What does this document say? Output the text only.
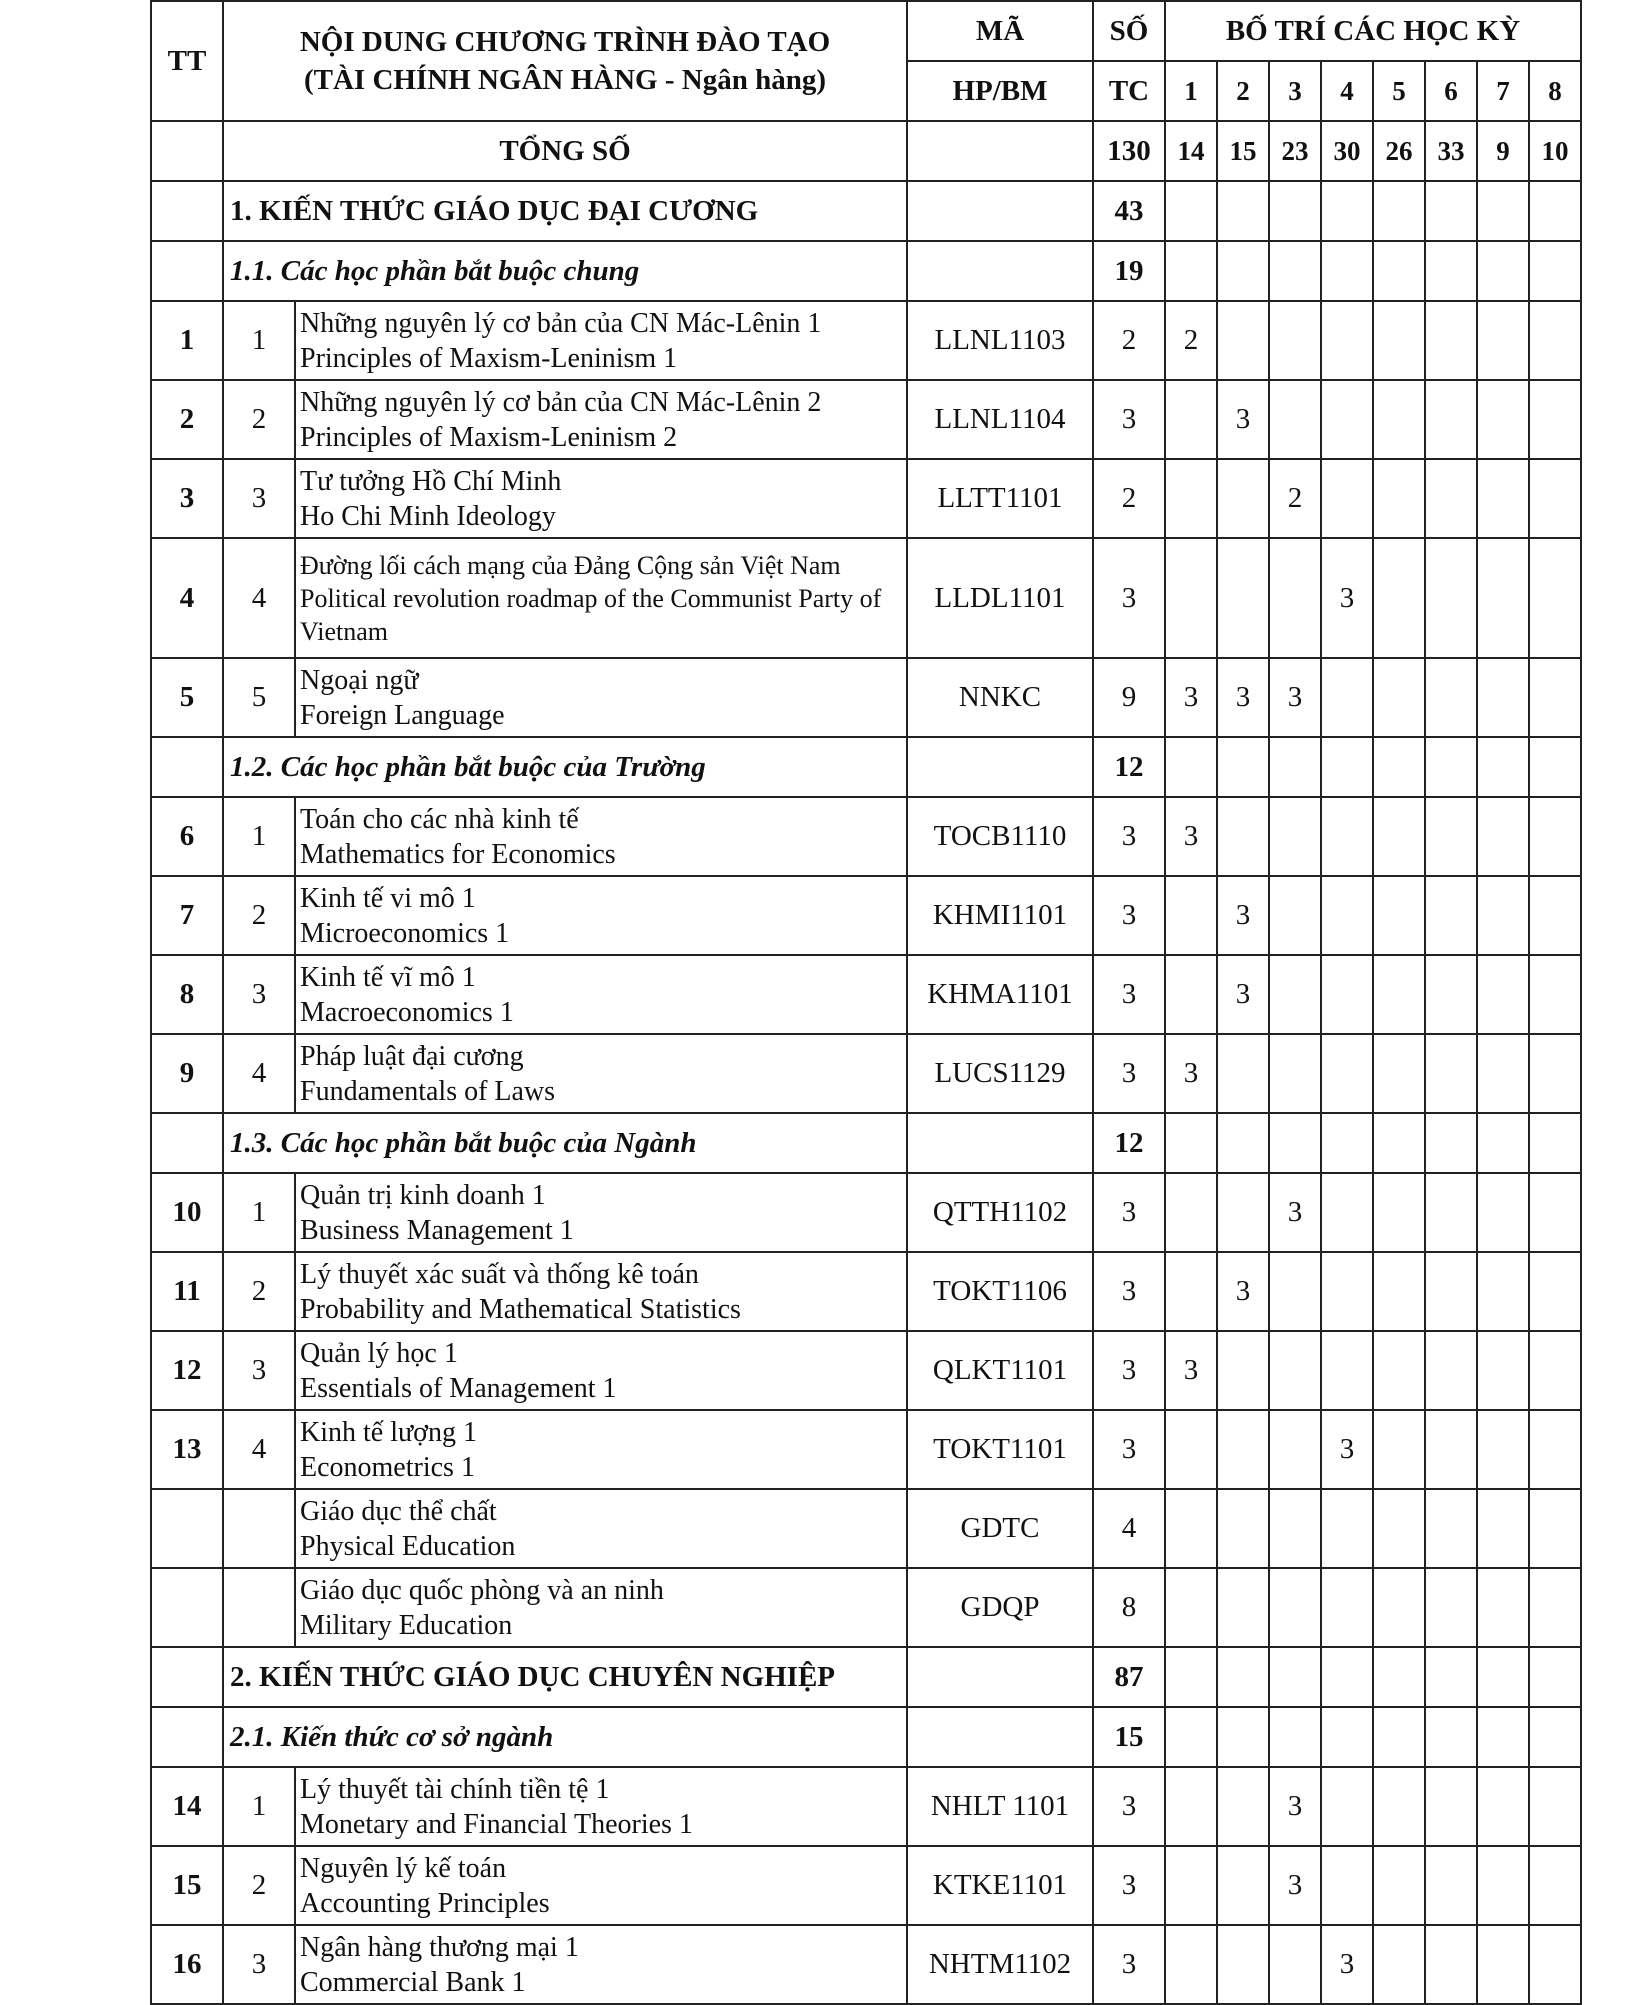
TT	NỘI DUNG CHƯƠNG TRÌNH ĐÀO TẠO
(TÀI CHÍNH NGÂN HÀNG - Ngân hàng)		MÃ	SỐ	BỐ TRÍ CÁC HỌC KỲ							
			HP/BM	TC	1	2	3	4	5	6	7	8
	TỔNG SỐ			130	14	15	23	30	26	33	9	10
	1. KIẾN THỨC GIÁO DỤC ĐẠI CƯƠNG			43								
	1.1. Các học phần bắt buộc chung			19								
1	1	Những nguyên lý cơ bản của CN Mác-Lênin 1
Principles of Maxism-Leninism 1	LLNL1103	2	2							
2	2	Những nguyên lý cơ bản của CN Mác-Lênin 2
Principles of Maxism-Leninism 2	LLNL1104	3		3						
3	3	Tư tưởng Hồ Chí Minh
Ho Chi Minh Ideology	LLTT1101	2			2					
4	4	Đường lối cách mạng của Đảng Cộng sản Việt Nam
Political revolution roadmap of the Communist Party of Vietnam	LLDL1101	3				3				
5	5	Ngoại ngữ
Foreign Language	NNKC	9	3	3	3					
	1.2. Các học phần bắt buộc của Trường			12								
6	1	Toán cho các nhà kinh tế
Mathematics for Economics	TOCB1110	3	3							
7	2	Kinh tế vi mô 1
Microeconomics 1	KHMI1101	3		3						
8	3	Kinh tế vĩ mô 1
Macroeconomics 1	KHMA1101	3		3						
9	4	Pháp luật đại cương
Fundamentals of Laws	LUCS1129	3	3							
	1.3. Các học phần bắt buộc của Ngành			12								
10	1	Quản trị kinh doanh 1
Business Management 1	QTTH1102	3			3					
11	2	Lý thuyết xác suất và thống kê toán
Probability and Mathematical Statistics	TOKT1106	3		3						
12	3	Quản lý học 1
Essentials of Management 1	QLKT1101	3	3							
13	4	Kinh tế lượng 1
Econometrics 1	TOKT1101	3				3				

		Giáo dục thể chất
Physical Education	GDTC	4								

		Giáo dục quốc phòng và an ninh
Military Education	GDQP	8								
	2. KIẾN THỨC GIÁO DỤC CHUYÊN NGHIỆP			87								
	2.1. Kiến thức cơ sở ngành			15								
14	1	Lý thuyết tài chính tiền tệ 1
Monetary and Financial Theories 1	NHLT 1101	3			3					
15	2	Nguyên lý kế toán
Accounting Principles	KTKE1101	3			3					
16	3	Ngân hàng thương mại 1
Commercial Bank 1	NHTM1102	3				3				
